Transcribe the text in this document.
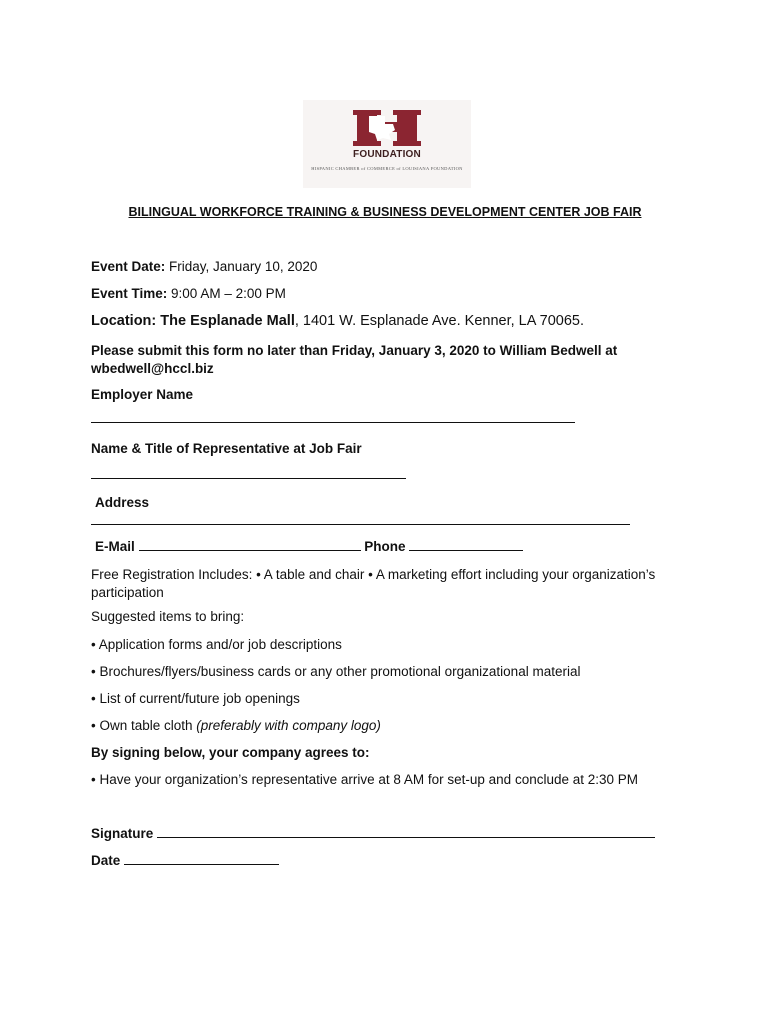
FOUNDATION
HISPANIC CHAMBER of COMMERCE of LOUISIANA FOUNDATION
BILINGUAL WORKFORCE TRAINING & BUSINESS DEVELOPMENT CENTER JOB FAIR
Event Date: Friday, January 10, 2020
Event Time: 9:00 AM – 2:00 PM
Location: The Esplanade Mall, 1401 W. Esplanade Ave. Kenner, LA 70065.
Please submit this form no later than Friday, January 3, 2020 to William Bedwell at wbedwell@hccl.biz
Employer Name
Name & Title of Representative at Job Fair
Address
E-Mail	Phone
Free Registration Includes: • A table and chair • A marketing effort including your organization’s participation
Suggested items to bring:
• Application forms and/or job descriptions
• Brochures/flyers/business cards or any other promotional organizational material
• List of current/future job openings
• Own table cloth (preferably with company logo)
By signing below, your company agrees to:
• Have your organization’s representative arrive at 8 AM for set-up and conclude at 2:30 PM
Signature
Date
